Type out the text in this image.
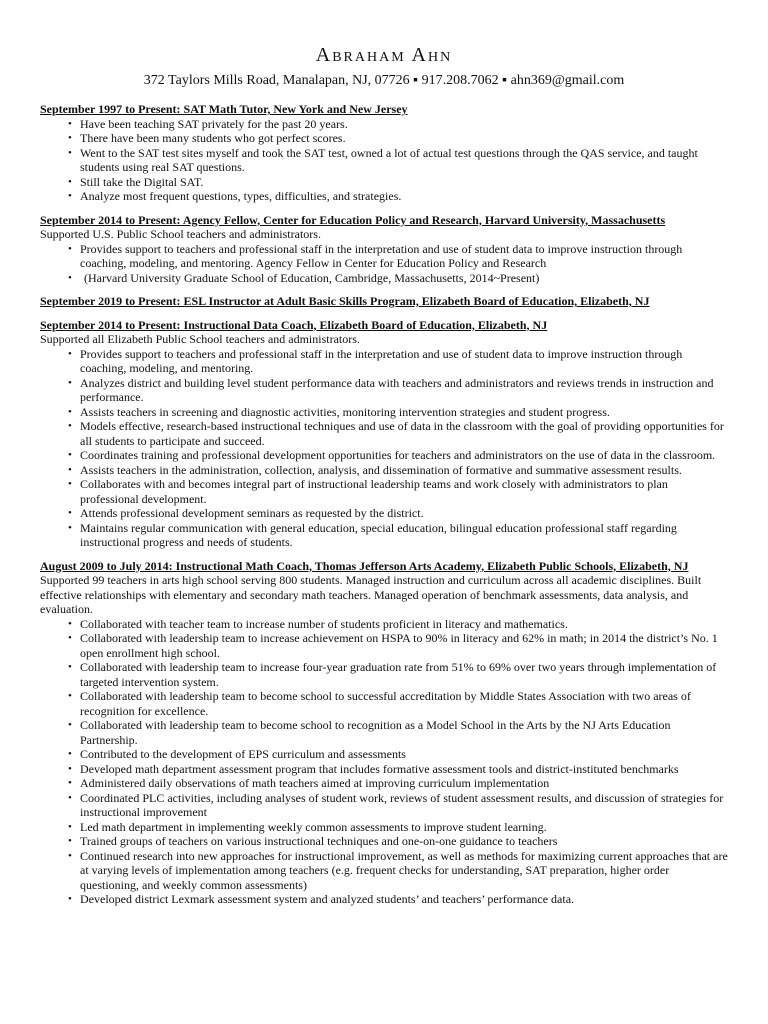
Abraham Ahn
372 Taylors Mills Road, Manalapan, NJ, 07726 ▪ 917.208.7062 ▪ ahn369@gmail.com
September 1997 to Present: SAT Math Tutor, New York and New Jersey
• Have been teaching SAT privately for the past 20 years.
• There have been many students who got perfect scores.
• Went to the SAT test sites myself and took the SAT test, owned a lot of actual test questions through the QAS service, and taught students using real SAT questions.
• Still take the Digital SAT.
• Analyze most frequent questions, types, difficulties, and strategies.
September 2014 to Present: Agency Fellow, Center for Education Policy and Research, Harvard University, Massachusetts
Supported U.S. Public School teachers and administrators.
• Provides support to teachers and professional staff in the interpretation and use of student data to improve instruction through coaching, modeling, and mentoring. Agency Fellow in Center for Education Policy and Research
• (Harvard University Graduate School of Education, Cambridge, Massachusetts, 2014~Present)
September 2019 to Present: ESL Instructor at Adult Basic Skills Program, Elizabeth Board of Education, Elizabeth, NJ
September 2014 to Present: Instructional Data Coach, Elizabeth Board of Education, Elizabeth, NJ
Supported all Elizabeth Public School teachers and administrators.
• Provides support to teachers and professional staff in the interpretation and use of student data to improve instruction through coaching, modeling, and mentoring.
• Analyzes district and building level student performance data with teachers and administrators and reviews trends in instruction and performance.
• Assists teachers in screening and diagnostic activities, monitoring intervention strategies and student progress.
• Models effective, research-based instructional techniques and use of data in the classroom with the goal of providing opportunities for all students to participate and succeed.
• Coordinates training and professional development opportunities for teachers and administrators on the use of data in the classroom.
• Assists teachers in the administration, collection, analysis, and dissemination of formative and summative assessment results.
• Collaborates with and becomes integral part of instructional leadership teams and work closely with administrators to plan professional development.
• Attends professional development seminars as requested by the district.
• Maintains regular communication with general education, special education, bilingual education professional staff regarding instructional progress and needs of students.
August 2009 to July 2014: Instructional Math Coach, Thomas Jefferson Arts Academy, Elizabeth Public Schools, Elizabeth, NJ
Supported 99 teachers in arts high school serving 800 students. Managed instruction and curriculum across all academic disciplines. Built effective relationships with elementary and secondary math teachers. Managed operation of benchmark assessments, data analysis, and evaluation.
• Collaborated with teacher team to increase number of students proficient in literacy and mathematics.
• Collaborated with leadership team to increase achievement on HSPA to 90% in literacy and 62% in math; in 2014 the district’s No. 1 open enrollment high school.
• Collaborated with leadership team to increase four-year graduation rate from 51% to 69% over two years through implementation of targeted intervention system.
• Collaborated with leadership team to become school to successful accreditation by Middle States Association with two areas of recognition for excellence.
• Collaborated with leadership team to become school to recognition as a Model School in the Arts by the NJ Arts Education Partnership.
• Contributed to the development of EPS curriculum and assessments
• Developed math department assessment program that includes formative assessment tools and district-instituted benchmarks
• Administered daily observations of math teachers aimed at improving curriculum implementation
• Coordinated PLC activities, including analyses of student work, reviews of student assessment results, and discussion of strategies for instructional improvement
• Led math department in implementing weekly common assessments to improve student learning.
• Trained groups of teachers on various instructional techniques and one-on-one guidance to teachers
• Continued research into new approaches for instructional improvement, as well as methods for maximizing current approaches that are at varying levels of implementation among teachers (e.g. frequent checks for understanding, SAT preparation, higher order questioning, and weekly common assessments)
• Developed district Lexmark assessment system and analyzed students’ and teachers’ performance data.
